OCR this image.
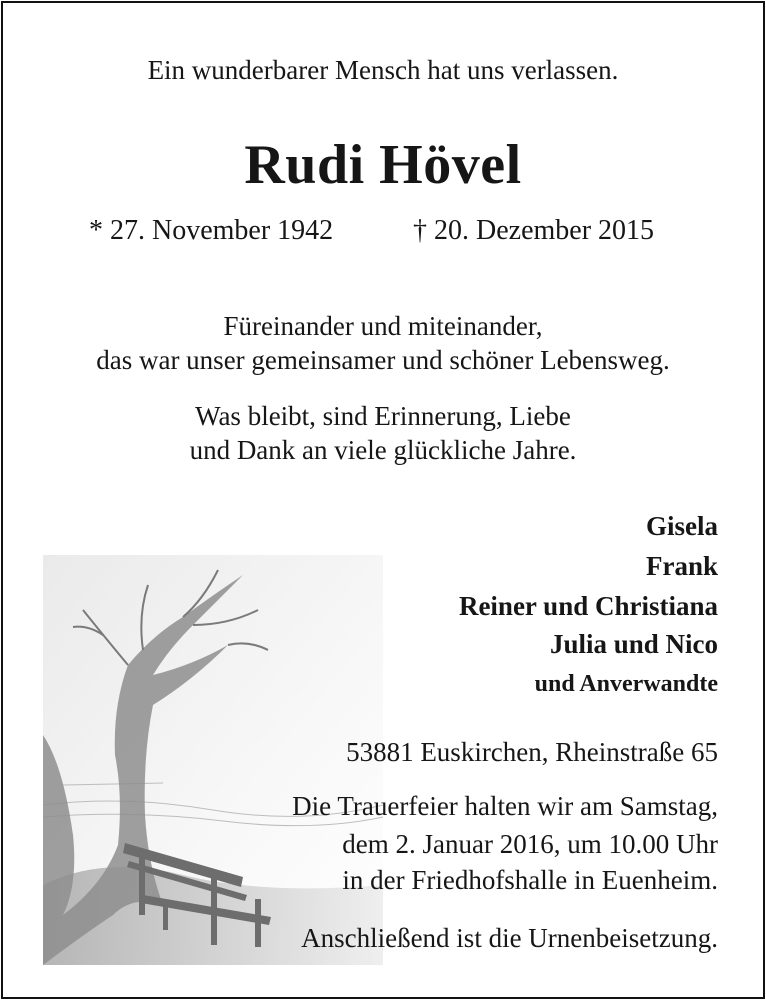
Ein wunderbarer Mensch hat uns verlassen.
Rudi Hövel
* 27. November 1942	† 20. Dezember 2015
Füreinander und miteinander,
das war unser gemeinsamer und schöner Lebensweg.
Was bleibt, sind Erinnerung, Liebe
und Dank an viele glückliche Jahre.
Gisela
Frank
Reiner und Christiana
Julia und Nico
und Anverwandte
53881 Euskirchen, Rheinstraße 65
Die Trauerfeier halten wir am Samstag,
dem 2. Januar 2016, um 10.00 Uhr
in der Friedhofshalle in Euenheim.
Anschließend ist die Urnenbeisetzung.
